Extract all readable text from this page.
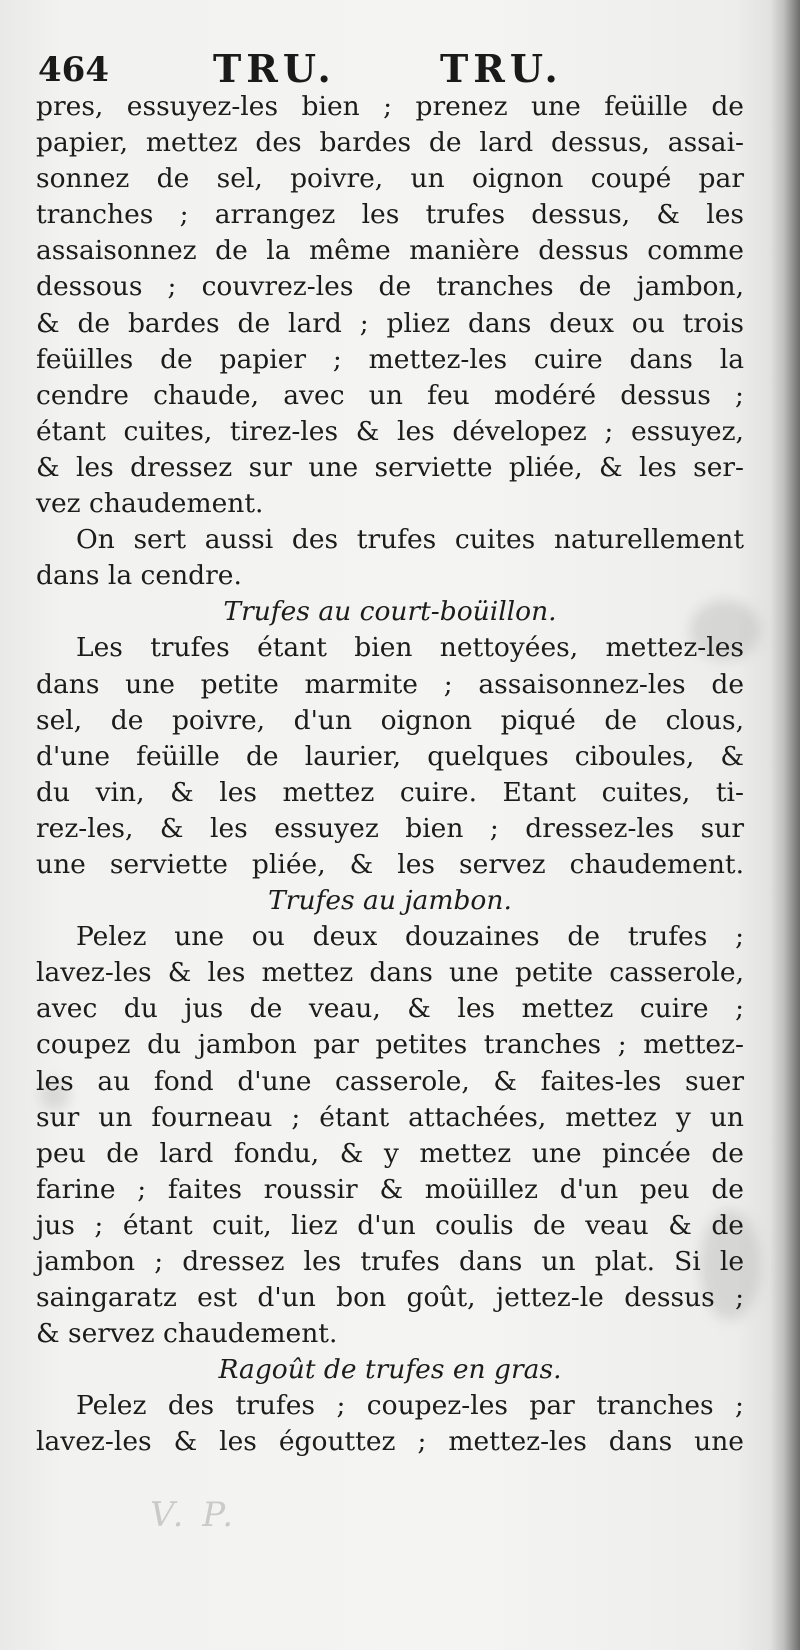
V. P.
464	TRU.	TRU.
pres, essuyez-les bien ; prenez une feüille de
papier, mettez des bardes de lard dessus, assai-
sonnez de sel, poivre, un oignon coupé par
tranches ; arrangez les trufes dessus, & les
assaisonnez de la même manière dessus comme
dessous ; couvrez-les de tranches de jambon,
& de bardes de lard ; pliez dans deux ou trois
feüilles de papier ; mettez-les cuire dans la
cendre chaude, avec un feu modéré dessus ;
étant cuites, tirez-les & les dévelopez ; essuyez,
& les dressez sur une serviette pliée, & les ser-
vez chaudement.
On sert aussi des trufes cuites naturellement
dans la cendre.
Trufes au court-boüillon.
Les trufes étant bien nettoyées, mettez-les
dans une petite marmite ; assaisonnez-les de
sel, de poivre, d'un oignon piqué de clous,
d'une feüille de laurier, quelques ciboules, &
du vin, & les mettez cuire. Etant cuites, ti-
rez-les, & les essuyez bien ; dressez-les sur
une serviette pliée, & les servez chaudement.
Trufes au jambon.
Pelez une ou deux douzaines de trufes ;
lavez-les & les mettez dans une petite casserole,
avec du jus de veau, & les mettez cuire ;
coupez du jambon par petites tranches ; mettez-
les au fond d'une casserole, & faites-les suer
sur un fourneau ; étant attachées, mettez y un
peu de lard fondu, & y mettez une pincée de
farine ; faites roussir & moüillez d'un peu de
jus ; étant cuit, liez d'un coulis de veau & de
jambon ; dressez les trufes dans un plat. Si le
saingaratz est d'un bon goût, jettez-le dessus ;
& servez chaudement.
Ragoût de trufes en gras.
Pelez des trufes ; coupez-les par tranches ;
lavez-les & les égouttez ; mettez-les dans une
